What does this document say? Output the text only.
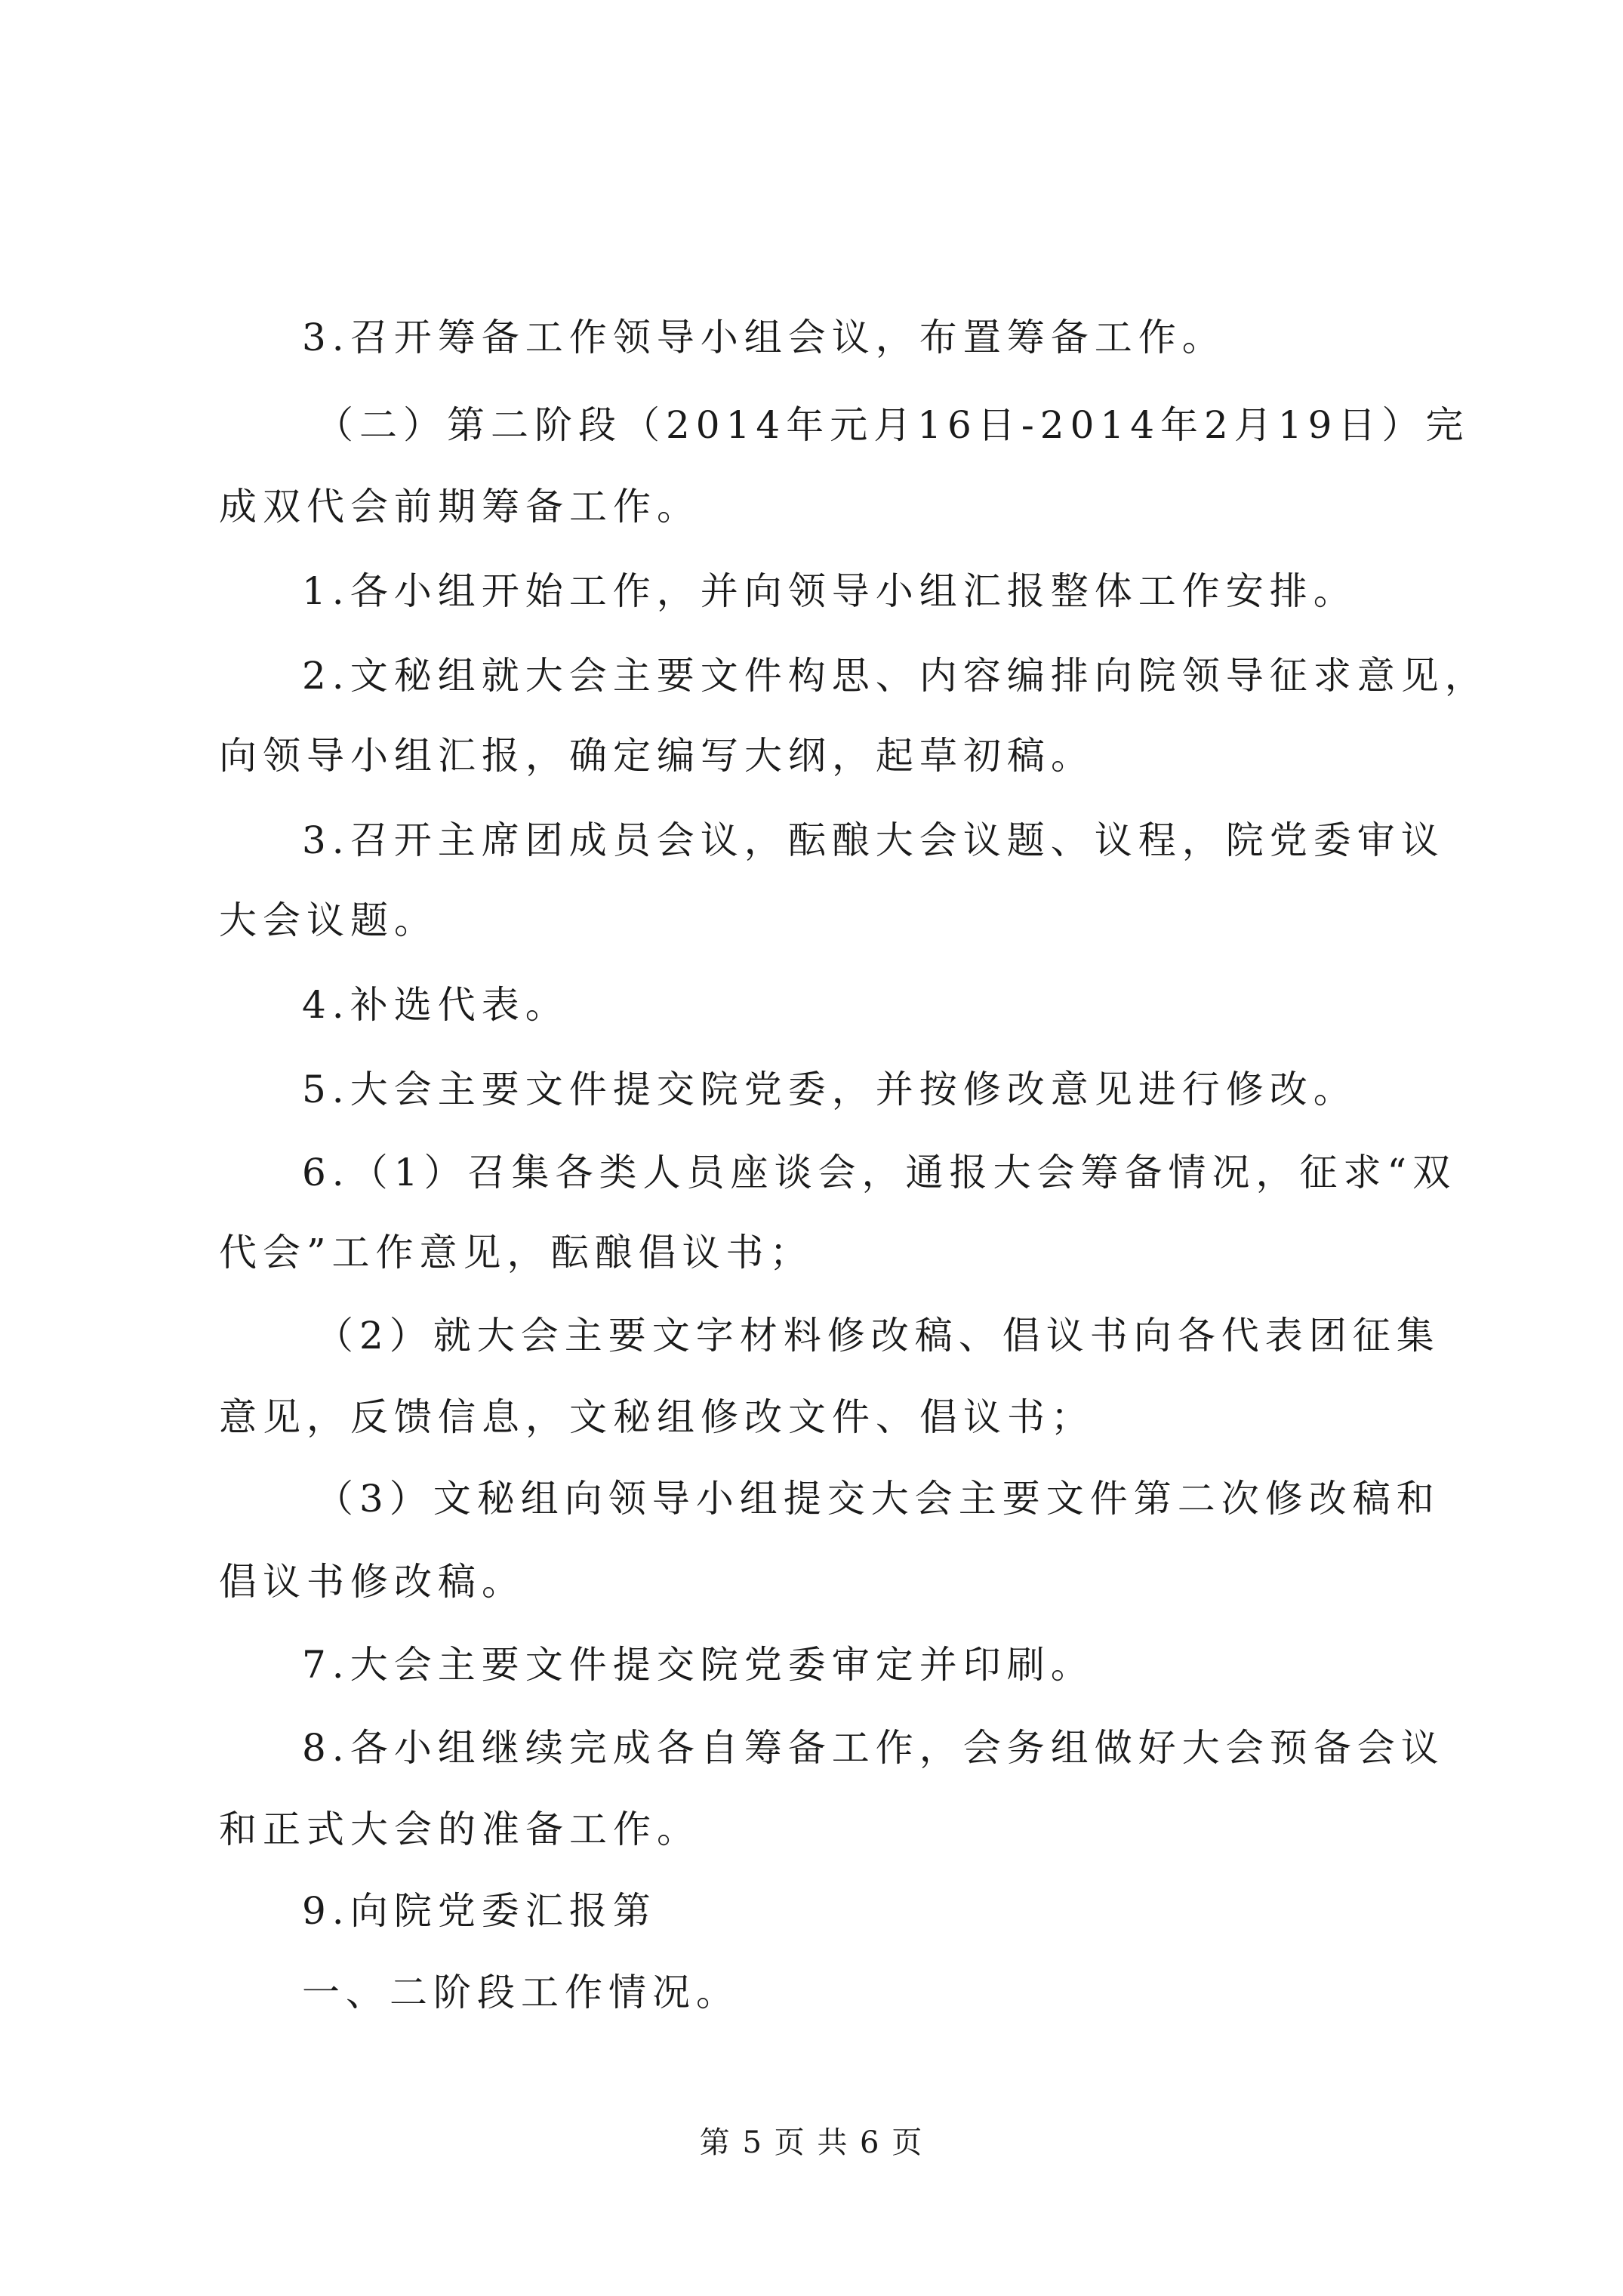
3.召开筹备工作领导小组会议，布置筹备工作。
（二）第二阶段（2014年元月16日-2014年2月19日）完
成双代会前期筹备工作。
1.各小组开始工作，并向领导小组汇报整体工作安排。
2.文秘组就大会主要文件构思、内容编排向院领导征求意见，
向领导小组汇报，确定编写大纲，起草初稿。
3.召开主席团成员会议，酝酿大会议题、议程，院党委审议
大会议题。
4.补选代表。
5.大会主要文件提交院党委，并按修改意见进行修改。
6.（1）召集各类人员座谈会，通报大会筹备情况，征求“双
代会”工作意见，酝酿倡议书；
（2）就大会主要文字材料修改稿、倡议书向各代表团征集
意见，反馈信息，文秘组修改文件、倡议书；
（3）文秘组向领导小组提交大会主要文件第二次修改稿和
倡议书修改稿。
7.大会主要文件提交院党委审定并印刷。
8.各小组继续完成各自筹备工作，会务组做好大会预备会议
和正式大会的准备工作。
9.向院党委汇报第
一、二阶段工作情况。
第 5 页 共 6 页
